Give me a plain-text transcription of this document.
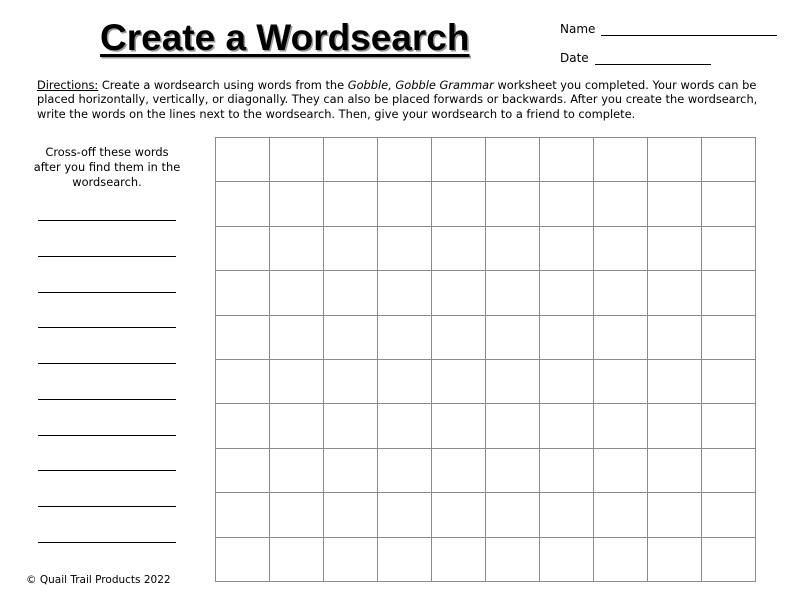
Create a Wordsearch	Name
Date

Directions: Create a wordsearch using words from the Gobble, Gobble Grammar worksheet you completed. Your words can be placed horizontally, vertically, or diagonally. They can also be placed forwards or backwards. After you create the wordsearch, write the words on the lines next to the wordsearch. Then, give your wordsearch to a friend to complete.

Cross-off these words after you find them in the wordsearch.
© Quail Trail Products 2022
